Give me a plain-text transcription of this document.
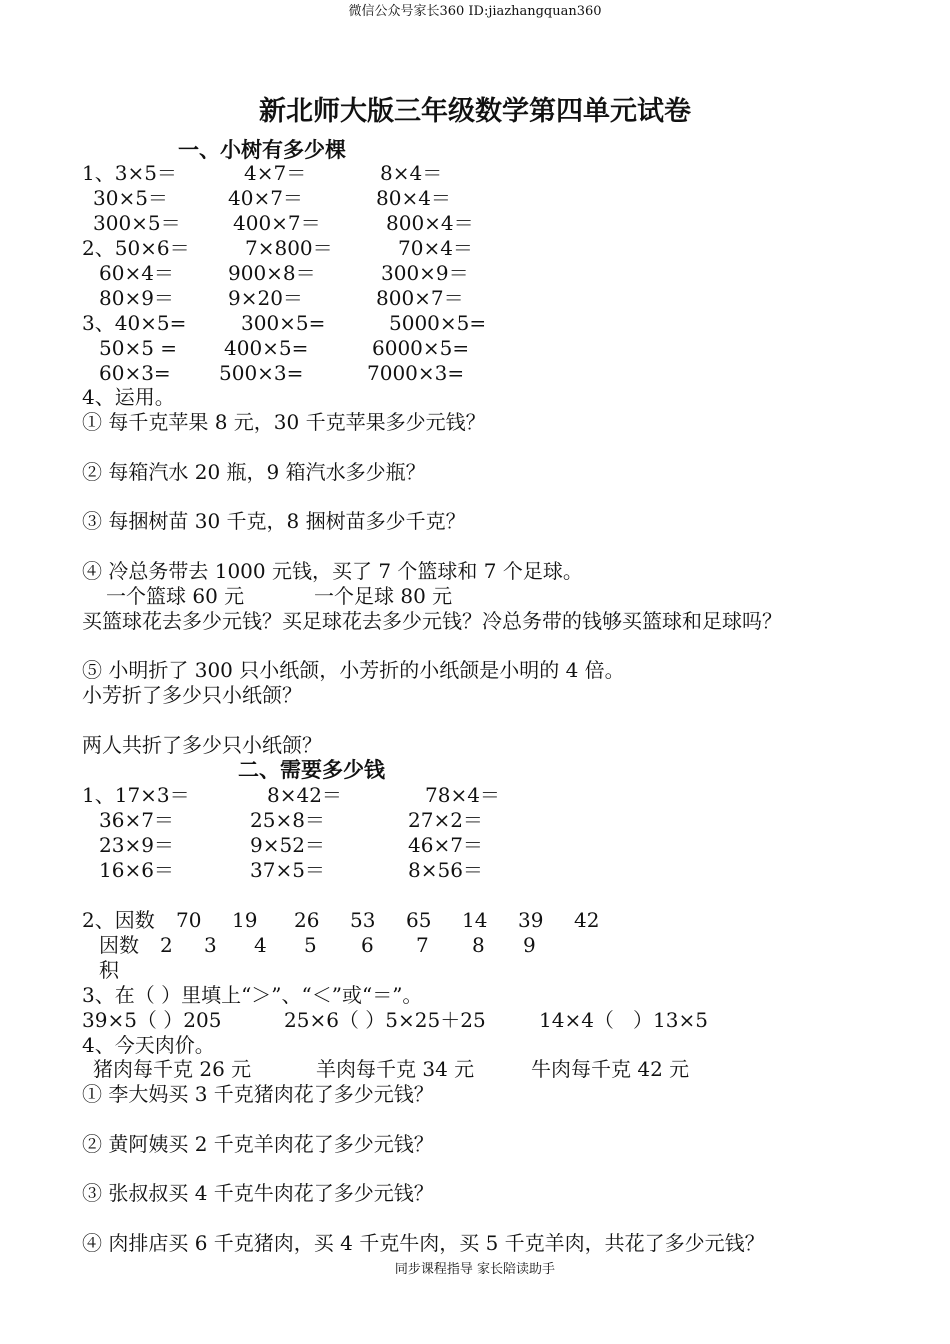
微信公众号家长360 ID:jiazhangquan360
新北师大版三年级数学第四单元试卷
一、小树有多少棵
1、3×5＝	4×7＝	8×4＝
30×5＝	40×7＝	80×4＝
300×5＝	400×7＝	800×4＝
2、50×6＝	7×800＝	70×4＝
60×4＝	900×8＝	300×9＝
80×9＝	9×20＝	800×7＝
3、40×5=	300×5=	5000×5=
50×5 = 400×5=	6000×5=
60×3= 500×3=	7000×3=
4、运用。
① 每千克苹果 8 元，30 千克苹果多少元钱？
② 每箱汽水 20 瓶，9 箱汽水多少瓶？
③ 每捆树苗 30 千克，8 捆树苗多少千克？
④ 冷总务带去 1000 元钱，买了 7 个篮球和 7 个足球。
一个篮球 60 元	一个足球 80 元
买篮球花去多少元钱？买足球花去多少元钱？冷总务带的钱够买篮球和足球吗？
⑤ 小明折了 300 只小纸颌，小芳折的小纸颌是小明的 4 倍。
小芳折了多少只小纸颌？
两人共折了多少只小纸颌？
二、需要多少钱
1、17×3＝	8×42＝	78×4＝
36×7＝	25×8＝	27×2＝
23×9＝	9×52＝	46×7＝
16×6＝	37×5＝	8×56＝
2、因数 70 19 26 53 65 14 39 42
因数 2 3 4 5 6 7 8 9
积
3、在（ ）里填上“＞”、“＜”或“＝”。
39×5（ ）205	25×6（ ）5×25＋25	14×4（   ）13×5
4、今天肉价。
猪肉每千克 26 元	羊肉每千克 34 元	牛肉每千克 42 元
① 李大妈买 3 千克猪肉花了多少元钱？
② 黄阿姨买 2 千克羊肉花了多少元钱？
③ 张叔叔买 4 千克牛肉花了多少元钱？
④ 肉排店买 6 千克猪肉，买 4 千克牛肉，买 5 千克羊肉，共花了多少元钱？
同步课程指导 家长陪读助手
